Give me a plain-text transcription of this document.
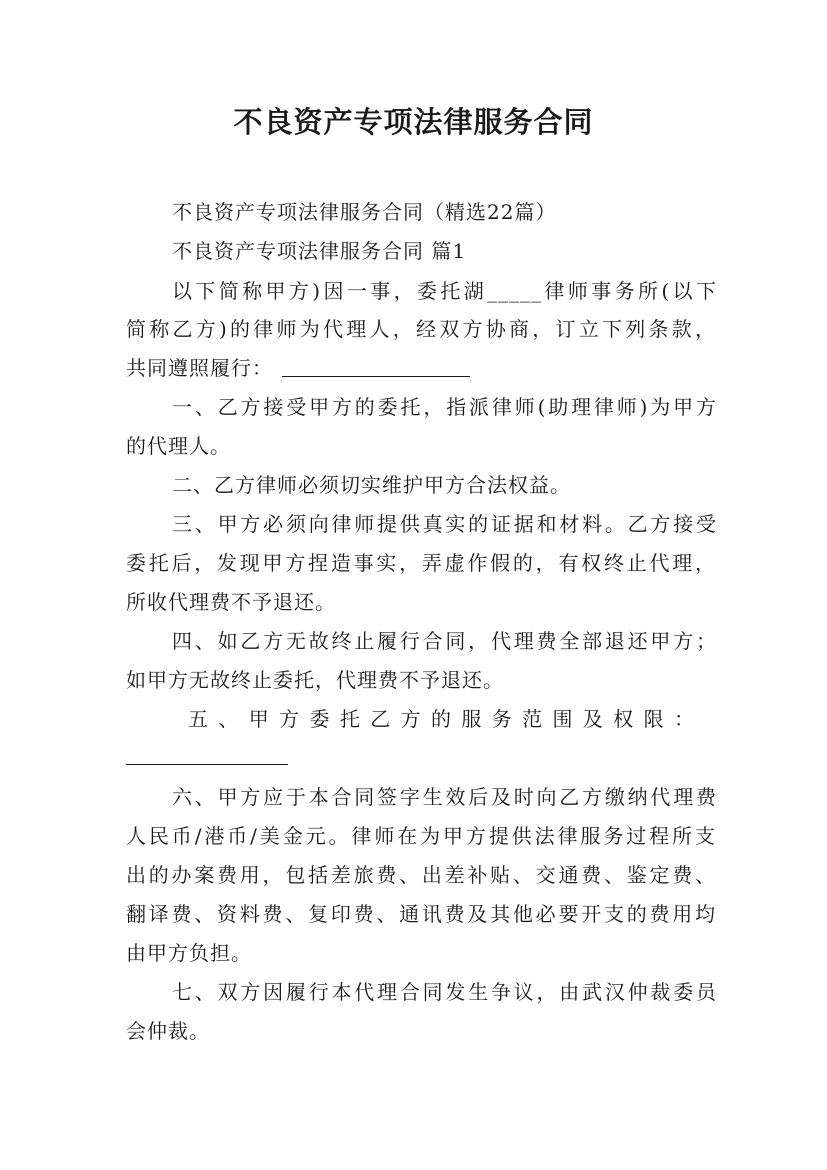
不良资产专项法律服务合同
不良资产专项法律服务合同（精选22篇）
不良资产专项法律服务合同 篇1
以下简称甲方)因一事，委托湖_____律师事务所(以下
简称乙方)的律师为代理人，经双方协商，订立下列条款，
共同遵照履行：
一、乙方接受甲方的委托，指派律师(助理律师)为甲方
的代理人。
二、乙方律师必须切实维护甲方合法权益。
三、甲方必须向律师提供真实的证据和材料。乙方接受
委托后，发现甲方捏造事实，弄虚作假的，有权终止代理，
所收代理费不予退还。
四、如乙方无故终止履行合同，代理费全部退还甲方；
如甲方无故终止委托，代理费不予退还。
五、甲方委托乙方的服务范围及权限：
六、甲方应于本合同签字生效后及时向乙方缴纳代理费
人民币/港币/美金元。律师在为甲方提供法律服务过程所支
出的办案费用，包括差旅费、出差补贴、交通费、鉴定费、
翻译费、资料费、复印费、通讯费及其他必要开支的费用均
由甲方负担。
七、双方因履行本代理合同发生争议，由武汉仲裁委员
会仲裁。
